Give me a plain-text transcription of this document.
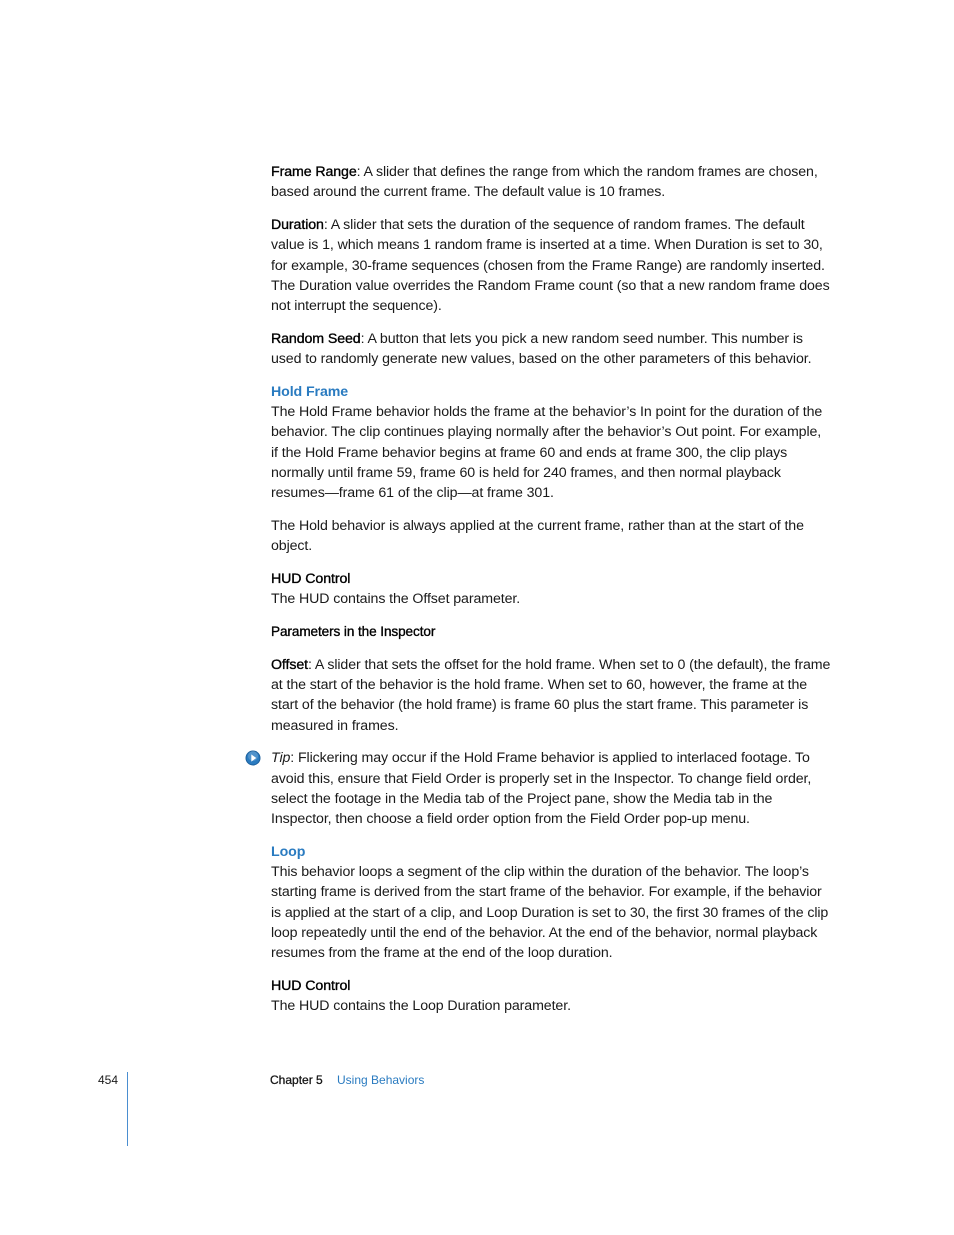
Frame Range: A slider that defines the range from which the random frames are chosen, based around the current frame. The default value is 10 frames.

Duration: A slider that sets the duration of the sequence of random frames. The default value is 1, which means 1 random frame is inserted at a time. When Duration is set to 30, for example, 30-frame sequences (chosen from the Frame Range) are randomly inserted. The Duration value overrides the Random Frame count (so that a new random frame does not interrupt the sequence).

Random Seed: A button that lets you pick a new random seed number. This number is used to randomly generate new values, based on the other parameters of this behavior.

Hold Frame

The Hold Frame behavior holds the frame at the behavior’s In point for the duration of the behavior. The clip continues playing normally after the behavior’s Out point. For example, if the Hold Frame behavior begins at frame 60 and ends at frame 300, the clip plays normally until frame 59, frame 60 is held for 240 frames, and then normal playback resumes—frame 61 of the clip—at frame 301.

The Hold behavior is always applied at the current frame, rather than at the start of the object.

HUD Control

The HUD contains the Offset parameter.

Parameters in the Inspector

Offset: A slider that sets the offset for the hold frame. When set to 0 (the default), the frame at the start of the behavior is the hold frame. When set to 60, however, the frame at the start of the behavior (the hold frame) is frame 60 plus the start frame. This parameter is measured in frames.

Tip: Flickering may occur if the Hold Frame behavior is applied to interlaced footage. To avoid this, ensure that Field Order is properly set in the Inspector. To change field order, select the footage in the Media tab of the Project pane, show the Media tab in the Inspector, then choose a field order option from the Field Order pop-up menu.

Loop

This behavior loops a segment of the clip within the duration of the behavior. The loop’s starting frame is derived from the start frame of the behavior. For example, if the behavior is applied at the start of a clip, and Loop Duration is set to 30, the first 30 frames of the clip loop repeatedly until the end of the behavior. At the end of the behavior, normal playback resumes from the frame at the end of the loop duration.

HUD Control

The HUD contains the Loop Duration parameter.

454	Chapter 5 Using Behaviors
